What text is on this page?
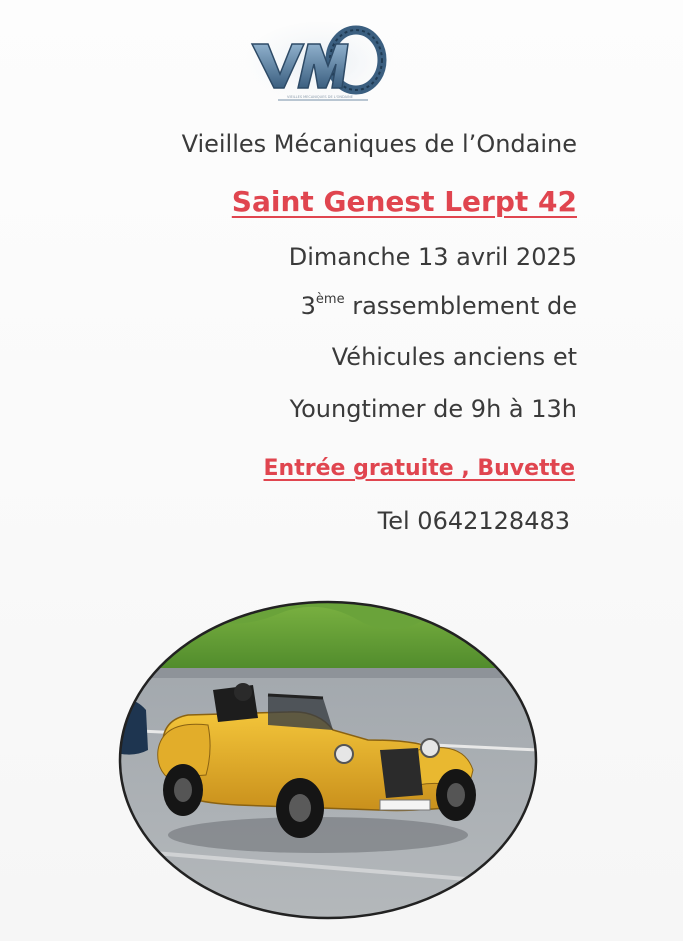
VIEILLES MECANIQUES DE L'ONDAINE
Vieilles Mécaniques de l’Ondaine
Saint Genest Lerpt 42
Dimanche 13 avril 2025
3ème rassemblement de
Véhicules anciens et
Youngtimer de 9h à 13h
Entrée gratuite , Buvette
Tel 0642128483
